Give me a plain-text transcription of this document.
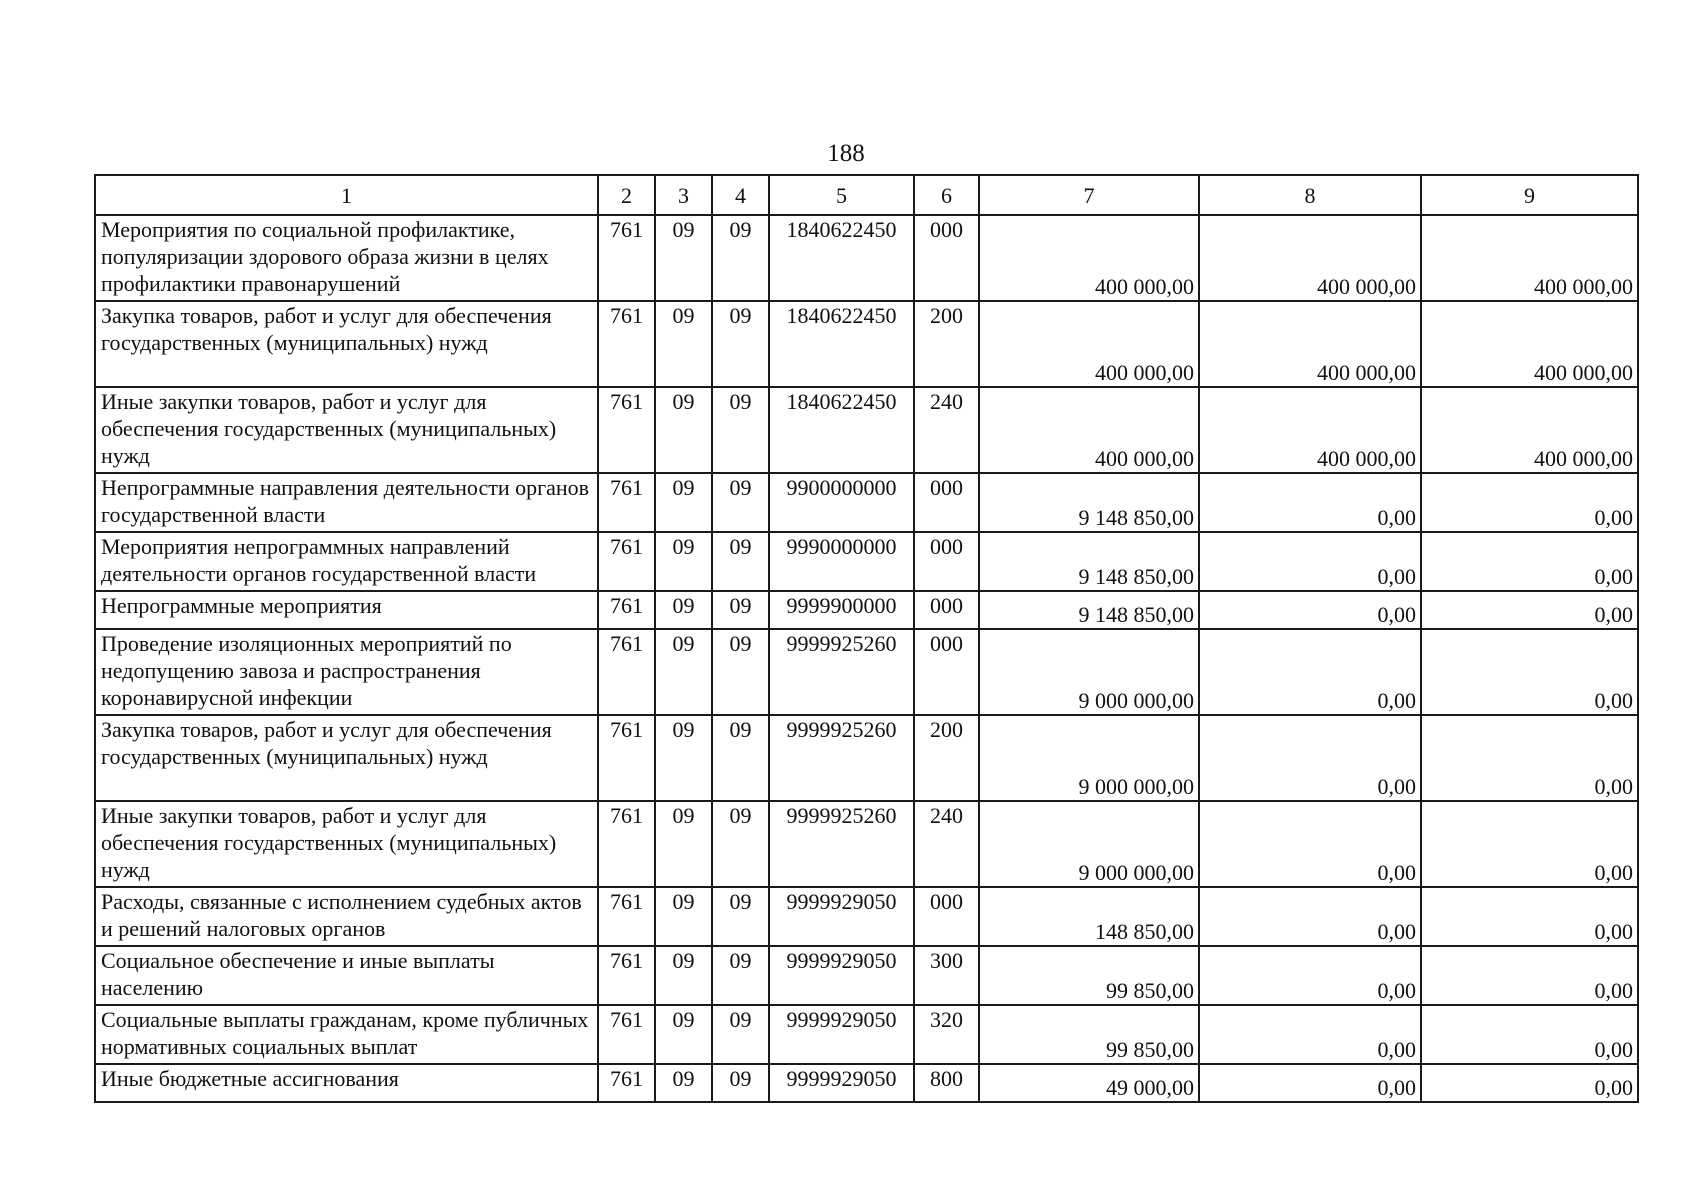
188
1	2	3	4	5	6	7	8	9
Мероприятия по социальной профилактике, популяризации здорового образа жизни в целях профилактики правонарушений	761	09	09	1840622450	000	400 000,00	400 000,00	400 000,00
Закупка товаров, работ и услуг для обеспечения государственных (муниципальных) нужд	761	09	09	1840622450	200	400 000,00	400 000,00	400 000,00
Иные закупки товаров, работ и услуг для обеспечения государственных (муниципальных) нужд	761	09	09	1840622450	240	400 000,00	400 000,00	400 000,00
Непрограммные направления деятельности органов государственной власти	761	09	09	9900000000	000	9 148 850,00	0,00	0,00
Мероприятия непрограммных направлений деятельности органов государственной власти	761	09	09	9990000000	000	9 148 850,00	0,00	0,00
Непрограммные мероприятия	761	09	09	9999900000	000	9 148 850,00	0,00	0,00
Проведение изоляционных мероприятий по недопущению завоза и распространения коронавирусной инфекции	761	09	09	9999925260	000	9 000 000,00	0,00	0,00
Закупка товаров, работ и услуг для обеспечения государственных (муниципальных) нужд	761	09	09	9999925260	200	9 000 000,00	0,00	0,00
Иные закупки товаров, работ и услуг для обеспечения государственных (муниципальных) нужд	761	09	09	9999925260	240	9 000 000,00	0,00	0,00
Расходы, связанные с исполнением судебных актов и решений налоговых органов	761	09	09	9999929050	000	148 850,00	0,00	0,00
Социальное обеспечение и иные выплаты населению	761	09	09	9999929050	300	99 850,00	0,00	0,00
Социальные выплаты гражданам, кроме публичных нормативных социальных выплат	761	09	09	9999929050	320	99 850,00	0,00	0,00
Иные бюджетные ассигнования	761	09	09	9999929050	800	49 000,00	0,00	0,00
